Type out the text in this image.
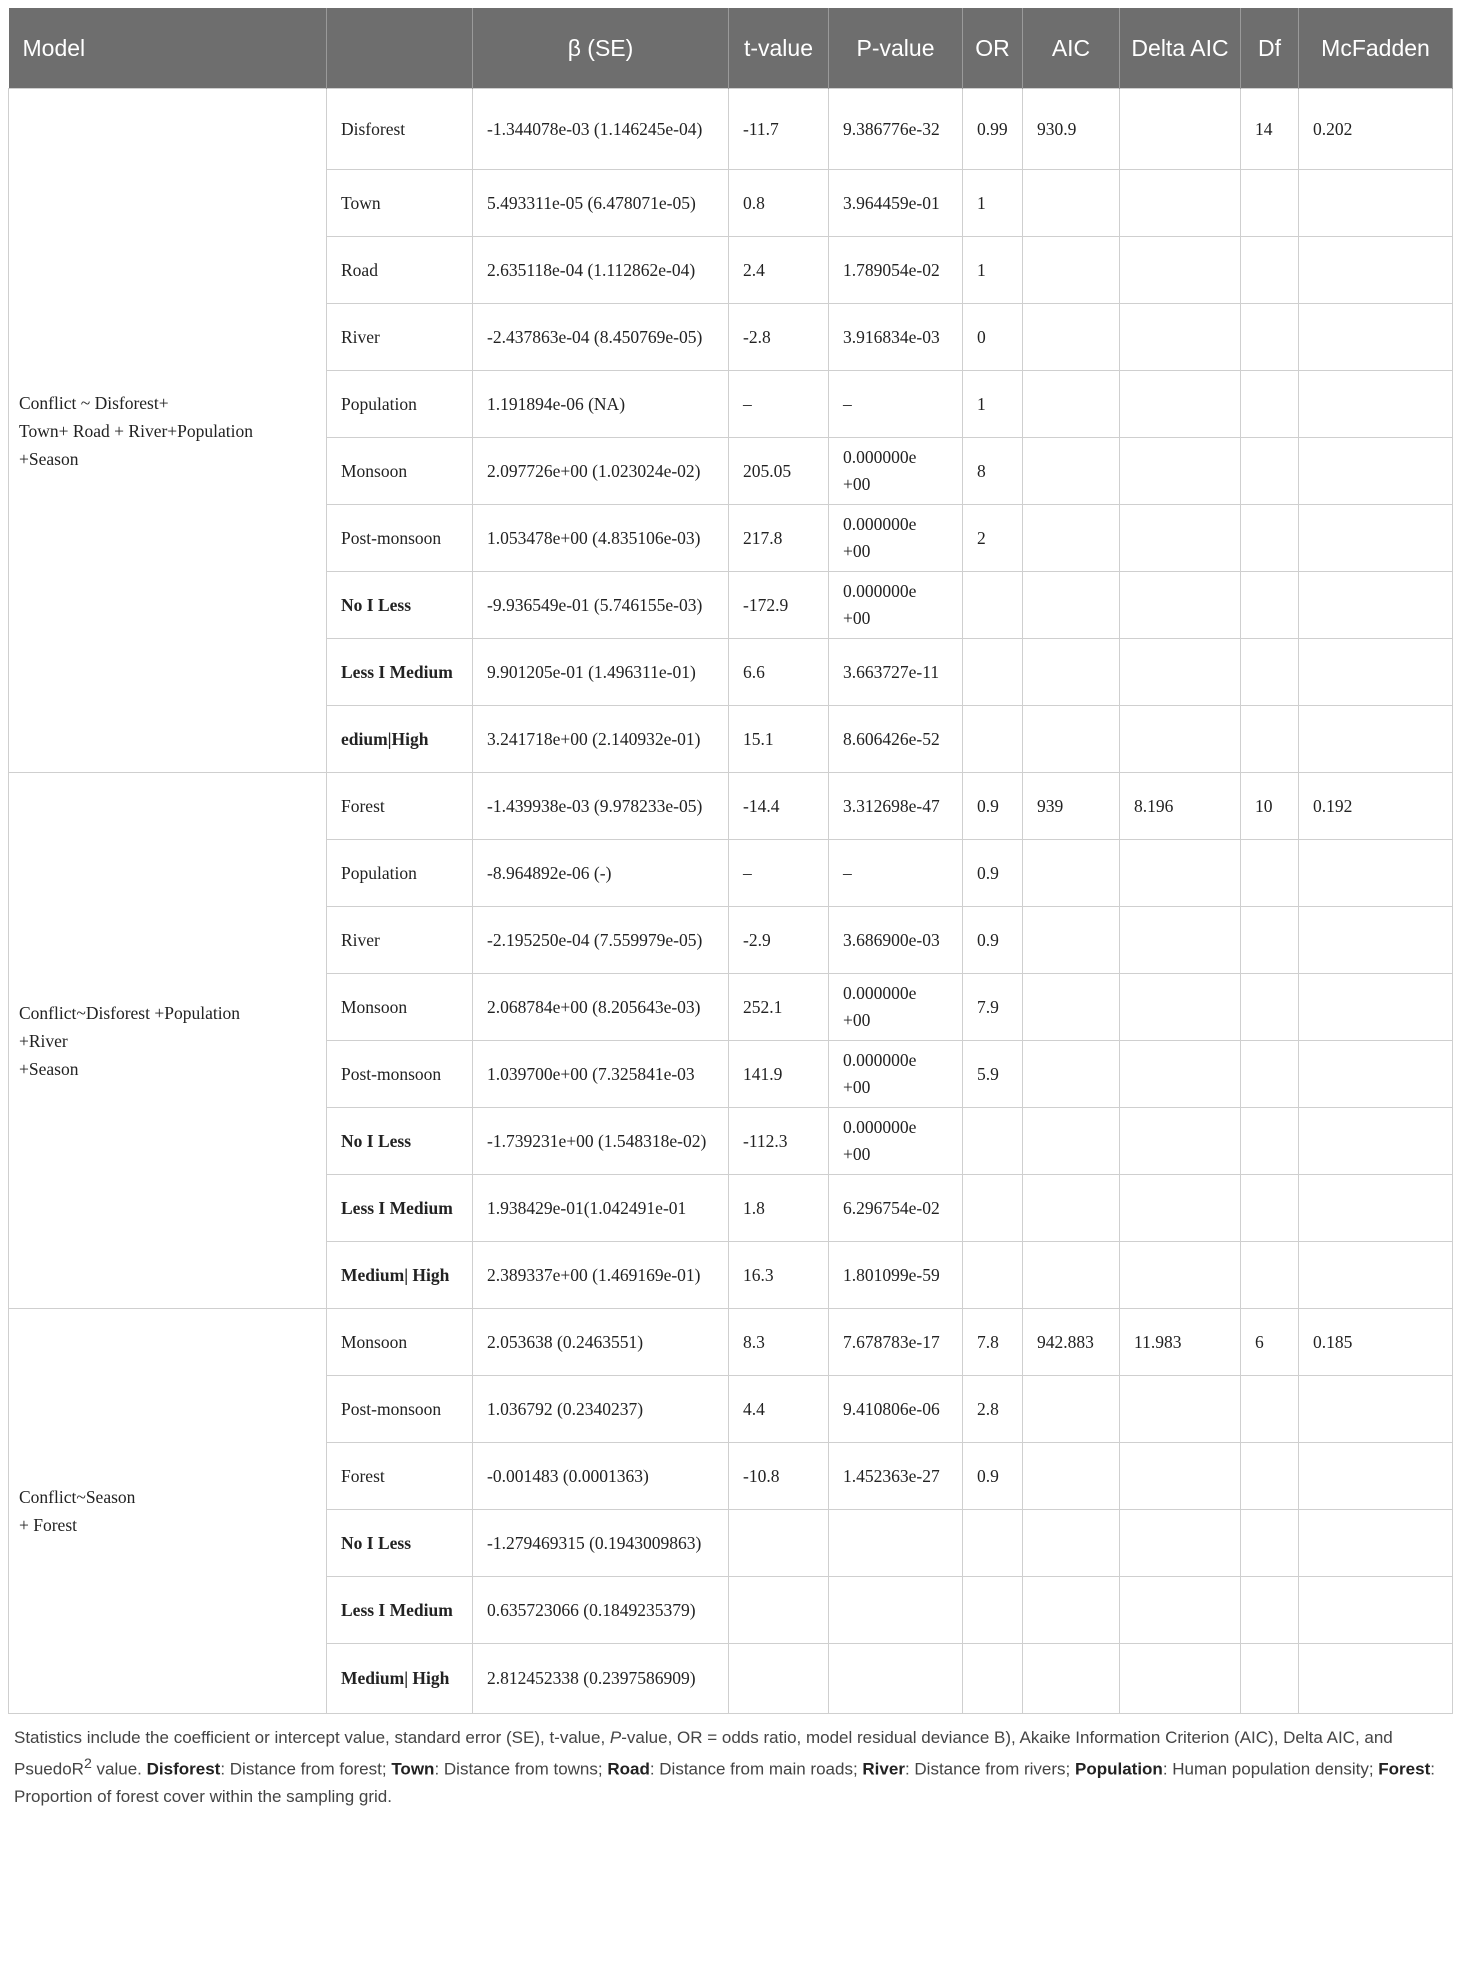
Model		β (SE)	t-value	P-value	OR	AIC	Delta AIC	Df	McFadden
Conflict ~ Disforest+
Town+ Road + River+Population
+Season	Disforest	-1.344078e-03 (1.146245e-04)	-11.7	9.386776e-32	0.99	930.9		14	0.202
	Town	5.493311e-05 (6.478071e-05)	0.8	3.964459e-01	1				
	Road	2.635118e-04 (1.112862e-04)	2.4	1.789054e-02	1				
	River	-2.437863e-04 (8.450769e-05)	-2.8	3.916834e-03	0				
	Population	1.191894e-06 (NA)	–	–	1				
	Monsoon	2.097726e+00 (1.023024e-02)	205.05	0.000000e +00	8				
	Post-monsoon	1.053478e+00 (4.835106e-03)	217.8	0.000000e +00	2				
	No I Less	-9.936549e-01 (5.746155e-03)	-172.9	0.000000e +00					
	Less I Medium	9.901205e-01 (1.496311e-01)	6.6	3.663727e-11					
	edium|High	3.241718e+00 (2.140932e-01)	15.1	8.606426e-52					
Conflict~Disforest +Population
+River
+Season	Forest	-1.439938e-03 (9.978233e-05)	-14.4	3.312698e-47	0.9	939	8.196	10	0.192
	Population	-8.964892e-06 (-)	–	–	0.9				
	River	-2.195250e-04 (7.559979e-05)	-2.9	3.686900e-03	0.9				
	Monsoon	2.068784e+00 (8.205643e-03)	252.1	0.000000e +00	7.9				
	Post-monsoon	1.039700e+00 (7.325841e-03	141.9	0.000000e +00	5.9				
	No I Less	-1.739231e+00 (1.548318e-02)	-112.3	0.000000e +00					
	Less I Medium	1.938429e-01(1.042491e-01	1.8	6.296754e-02					
	Medium| High	2.389337e+00 (1.469169e-01)	16.3	1.801099e-59					
Conflict~Season
+ Forest	Monsoon	2.053638 (0.2463551)	8.3	7.678783e-17	7.8	942.883	11.983	6	0.185
	Post-monsoon	1.036792 (0.2340237)	4.4	9.410806e-06	2.8				
	Forest	-0.001483 (0.0001363)	-10.8	1.452363e-27	0.9				
	No I Less	-1.279469315 (0.1943009863)							
	Less I Medium	0.635723066 (0.1849235379)							
	Medium| High	2.812452338 (0.2397586909)							
Statistics include the coefficient or intercept value, standard error (SE), t-value, P-value, OR = odds ratio, model residual deviance B), Akaike Information Criterion (AIC), Delta AIC, and PsuedoR$^2$ value. Disforest: Distance from forest; Town: Distance from towns; Road: Distance from main roads; River: Distance from rivers; Population: Human population density; Forest: Proportion of forest cover within the sampling grid.
